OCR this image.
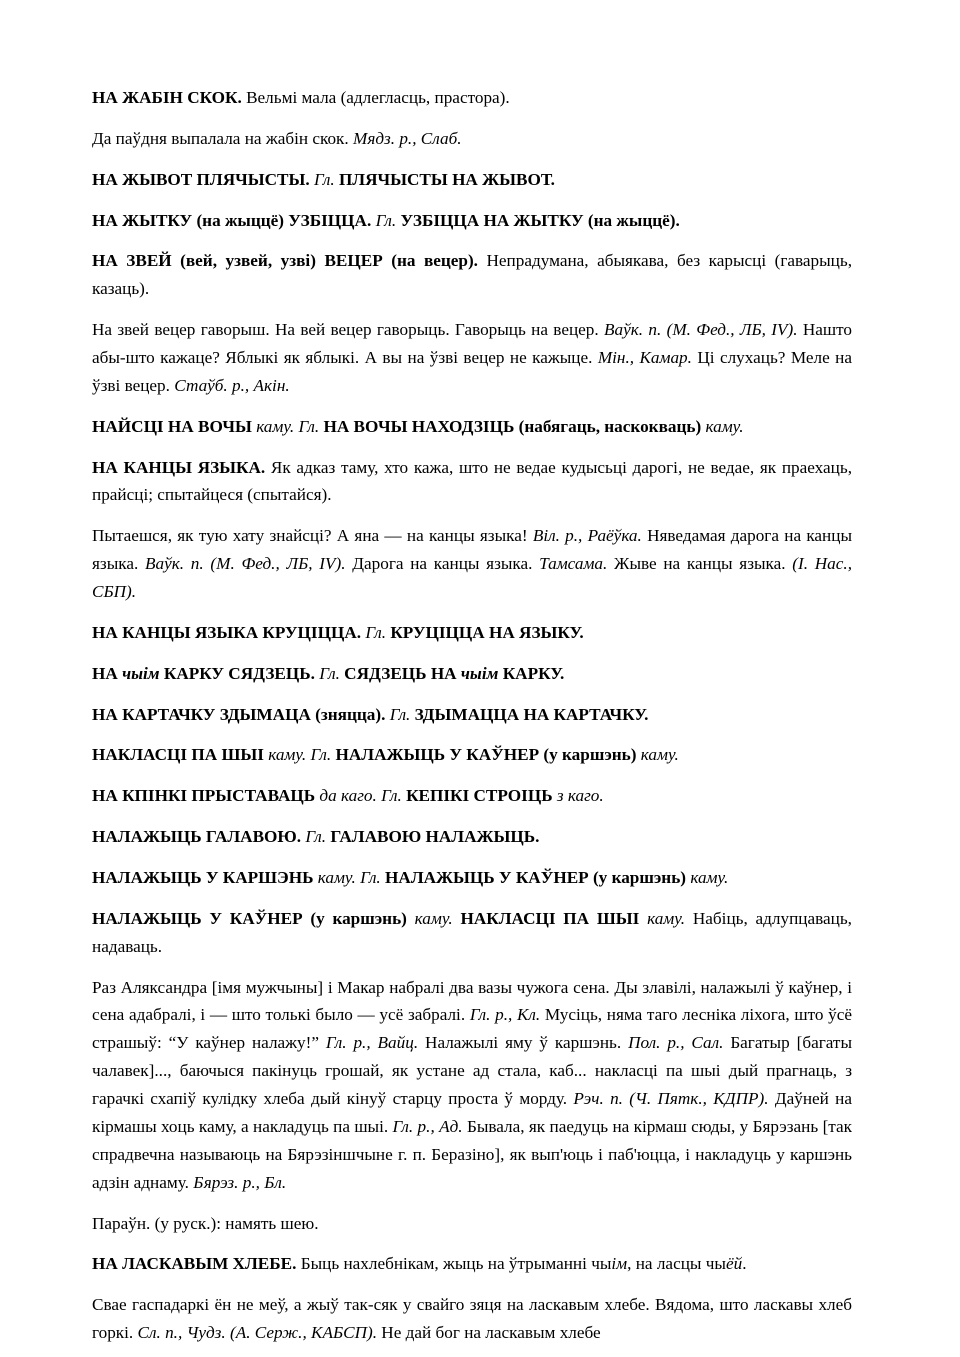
НА ЖАБІН СКОК. Вельмі мала (адлегласць, прастора).

Да паўдня выпалала на жабін скок. Мядз. р., Слаб.

НА ЖЫВОТ ПЛЯЧЫСТЫ. Гл. ПЛЯЧЫСТЫ НА ЖЫВОТ.

НА ЖЫТКУ (на жыццё) УЗБІЦЦА. Гл. УЗБІЦЦА НА ЖЫТКУ (на жыццё).

НА ЗВЕЙ (вей, узвей, узві) ВЕЦЕР (на вецер). Непрадумана, абыякава, без карысці (гаварыць, казаць).

На звей вецер гаворыш. На вей вецер гаворыць. Гаворыць на вецер. Ваўк. п. (М. Фед., ЛБ, IV). Нашто абы-што кажаце? Яблыкі як яблыкі. А вы на ўзві вецер не кажыце. Мін., Камар. Ці слухаць? Меле на ўзві вецер. Стаўб. р., Акін.

НАЙСЦІ НА ВОЧЫ каму. Гл. НА ВОЧЫ НАХОДЗІЦЬ (набягаць, наскокваць) каму.

НА КАНЦЫ ЯЗЫКА. Як адказ таму, хто кажа, што не ведае кудысьці дарогі, не ведае, як праехаць, прайсці; спытайцеся (спытайся).

Пытаешся, як тую хату знайсці? А яна — на канцы языка! Віл. р., Раёўка. Няведамая дарога на канцы языка. Ваўк. п. (М. Фед., ЛБ, IV). Дарога на канцы языка. Тамсама. Жыве на канцы языка. (І. Нас., СБП).

НА КАНЦЫ ЯЗЫКА КРУЦІЦЦА. Гл. КРУЦІЦЦА НА ЯЗЫКУ.

НА чыім КАРКУ СЯДЗЕЦЬ. Гл. СЯДЗЕЦЬ НА чыім КАРКУ.

НА КАРТАЧКУ ЗДЫМАЦА (зняцца). Гл. ЗДЫМАЦЦА НА КАРТАЧКУ.

НАКЛАСЦІ ПА ШЫІ каму. Гл. НАЛАЖЫЦЬ У КАЎНЕР (у каршэнь) каму.

НА КПІНКІ ПРЫСТАВАЦЬ да каго. Гл. КЕПІКІ СТРОІЦЬ з каго.

НАЛАЖЫЦЬ ГАЛАВОЮ. Гл. ГАЛАВОЮ НАЛАЖЫЦЬ.

НАЛАЖЫЦЬ У КАРШЭНЬ каму. Гл. НАЛАЖЫЦЬ У КАЎНЕР (у каршэнь) каму.

НАЛАЖЫЦЬ У КАЎНЕР (у каршэнь) каму. НАКЛАСЦІ ПА ШЫІ каму. Набіць, адлупцаваць, надаваць.

Раз Аляксандра [імя мужчыны] і Макар набралі два вазы чужога сена. Ды злавілі, налажылі ў каўнер, і сена адабралі, і — што толькі было — усё забралі. Гл. р., Кл. Мусіць, няма таго лесніка ліхога, што ўсё страшыў: “У каўнер налажу!” Гл. р., Вайц. Налажылі яму ў каршэнь. Пол. р., Сал. Багатыр [багаты чалавек]..., баючыся пакінуць грошай, як устане ад стала, каб... накласці па шыі дый прагнаць, з гарачкі схапіў кулідку хлеба дый кінуў старцу проста ў морду. Рэч. п. (Ч. Пятк., КДПР). Даўней на кірмашы хоць каму, а накладуць па шыі. Гл. р., Ад. Бывала, як паедуць на кірмаш сюды, у Бярэзань [так спрадвечна называюць на Бярэзіншчыне г. п. Беразіно], як вып'юць і паб'юцца, і накладуць у каршэнь адзін аднаму. Бярэз. р., Бл.

Параўн. (у руск.): намять шею.

НА ЛАСКАВЫМ ХЛЕБЕ. Быць нахлебнікам, жыць на ўтрыманні чыім, на ласцы чыёй.

Свае гаспадаркі ён не меў, а жыў так-сяк у свайго зяця на ласкавым хлебе. Вядома, што ласкавы хлеб горкі. Сл. п., Чудз. (А. Серж., КАБСП). Не дай бог на ласкавым хлебе
